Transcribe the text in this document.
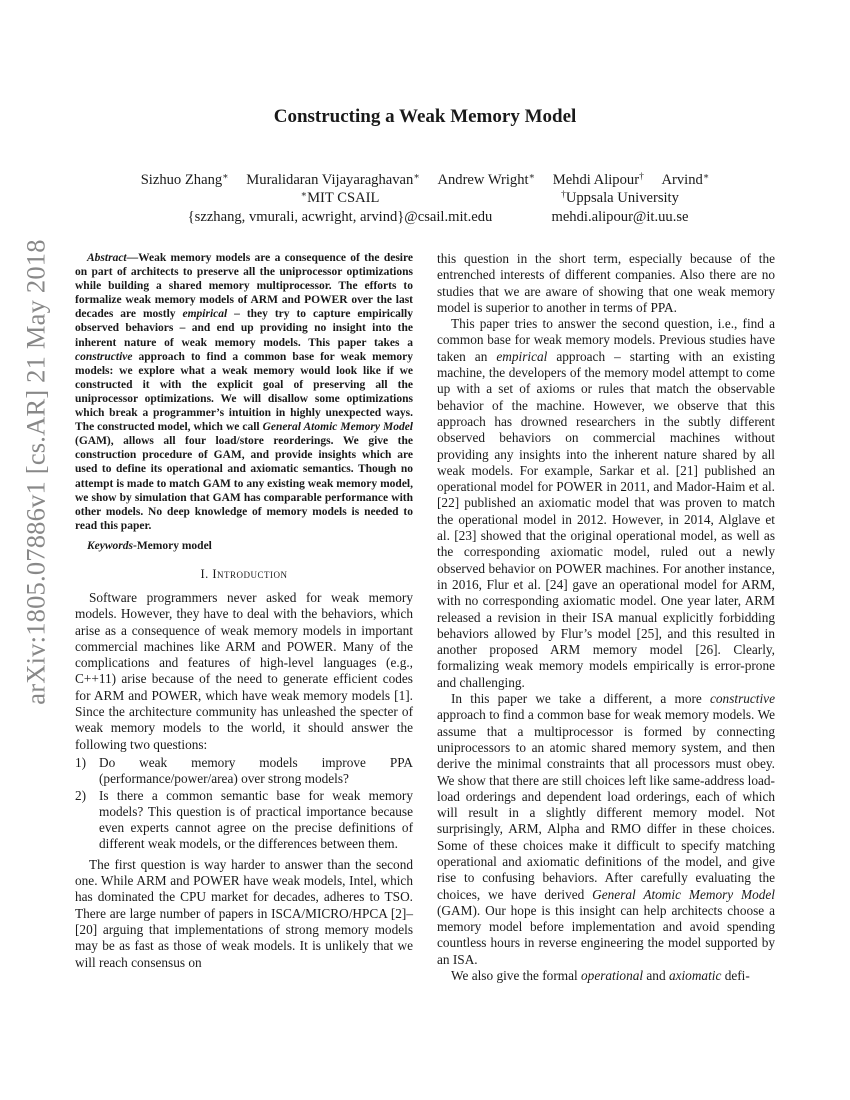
arXiv:1805.07886v1 [cs.AR] 21 May 2018
Constructing a Weak Memory Model
Sizhuo Zhang∗ Muralidaran Vijayaraghavan∗ Andrew Wright∗ Mehdi Alipour† Arvind∗
∗MIT CSAIL	†Uppsala University
{szzhang, vmurali, acwright, arvind}@csail.mit.edu	mehdi.alipour@it.uu.se

Abstract—Weak memory models are a consequence of the desire on part of architects to preserve all the uniprocessor optimizations while building a shared memory multiprocessor. The efforts to formalize weak memory models of ARM and POWER over the last decades are mostly empirical – they try to capture empirically observed behaviors – and end up providing no insight into the inherent nature of weak memory models. This paper takes a constructive approach to find a common base for weak memory models: we explore what a weak memory would look like if we constructed it with the explicit goal of preserving all the uniprocessor optimizations. We will disallow some optimizations which break a programmer’s intuition in highly unexpected ways. The constructed model, which we call General Atomic Memory Model (GAM), allows all four load/store reorderings. We give the construction procedure of GAM, and provide insights which are used to define its operational and axiomatic semantics. Though no attempt is made to match GAM to any existing weak memory model, we show by simulation that GAM has comparable performance with other models. No deep knowledge of memory models is needed to read this paper.

Keywords-Memory model

I. Introduction

Software programmers never asked for weak memory models. However, they have to deal with the behaviors, which arise as a consequence of weak memory models in important commercial machines like ARM and POWER. Many of the complications and features of high-level languages (e.g., C++11) arise because of the need to generate efficient codes for ARM and POWER, which have weak memory models [1]. Since the architecture community has unleashed the specter of weak memory models to the world, it should answer the following two questions:

1) Do weak memory models improve PPA (performance/power/area) over strong models?
2) Is there a common semantic base for weak memory models? This question is of practical importance because even experts cannot agree on the precise definitions of different weak models, or the differences between them.

The first question is way harder to answer than the second one. While ARM and POWER have weak models, Intel, which has dominated the CPU market for decades, adheres to TSO. There are large number of papers in ISCA/MICRO/HPCA [2]–[20] arguing that implementations of strong memory models may be as fast as those of weak models. It is unlikely that we will reach consensus on

this question in the short term, especially because of the entrenched interests of different companies. Also there are no studies that we are aware of showing that one weak memory model is superior to another in terms of PPA.

This paper tries to answer the second question, i.e., find a common base for weak memory models. Previous studies have taken an empirical approach – starting with an existing machine, the developers of the memory model attempt to come up with a set of axioms or rules that match the observable behavior of the machine. However, we observe that this approach has drowned researchers in the subtly different observed behaviors on commercial machines without providing any insights into the inherent nature shared by all weak models. For example, Sarkar et al. [21] published an operational model for POWER in 2011, and Mador-Haim et al. [22] published an axiomatic model that was proven to match the operational model in 2012. However, in 2014, Alglave et al. [23] showed that the original operational model, as well as the corresponding axiomatic model, ruled out a newly observed behavior on POWER machines. For another instance, in 2016, Flur et al. [24] gave an operational model for ARM, with no corresponding axiomatic model. One year later, ARM released a revision in their ISA manual explicitly forbidding behaviors allowed by Flur’s model [25], and this resulted in another proposed ARM memory model [26]. Clearly, formalizing weak memory models empirically is error-prone and challenging.

In this paper we take a different, a more constructive approach to find a common base for weak memory models. We assume that a multiprocessor is formed by connecting uniprocessors to an atomic shared memory system, and then derive the minimal constraints that all processors must obey. We show that there are still choices left like same-address load-load orderings and dependent load orderings, each of which will result in a slightly different memory model. Not surprisingly, ARM, Alpha and RMO differ in these choices. Some of these choices make it difficult to specify matching operational and axiomatic definitions of the model, and give rise to confusing behaviors. After carefully evaluating the choices, we have derived General Atomic Memory Model (GAM). Our hope is this insight can help architects choose a memory model before implementation and avoid spending countless hours in reverse engineering the model supported by an ISA.

We also give the formal operational and axiomatic defi-
